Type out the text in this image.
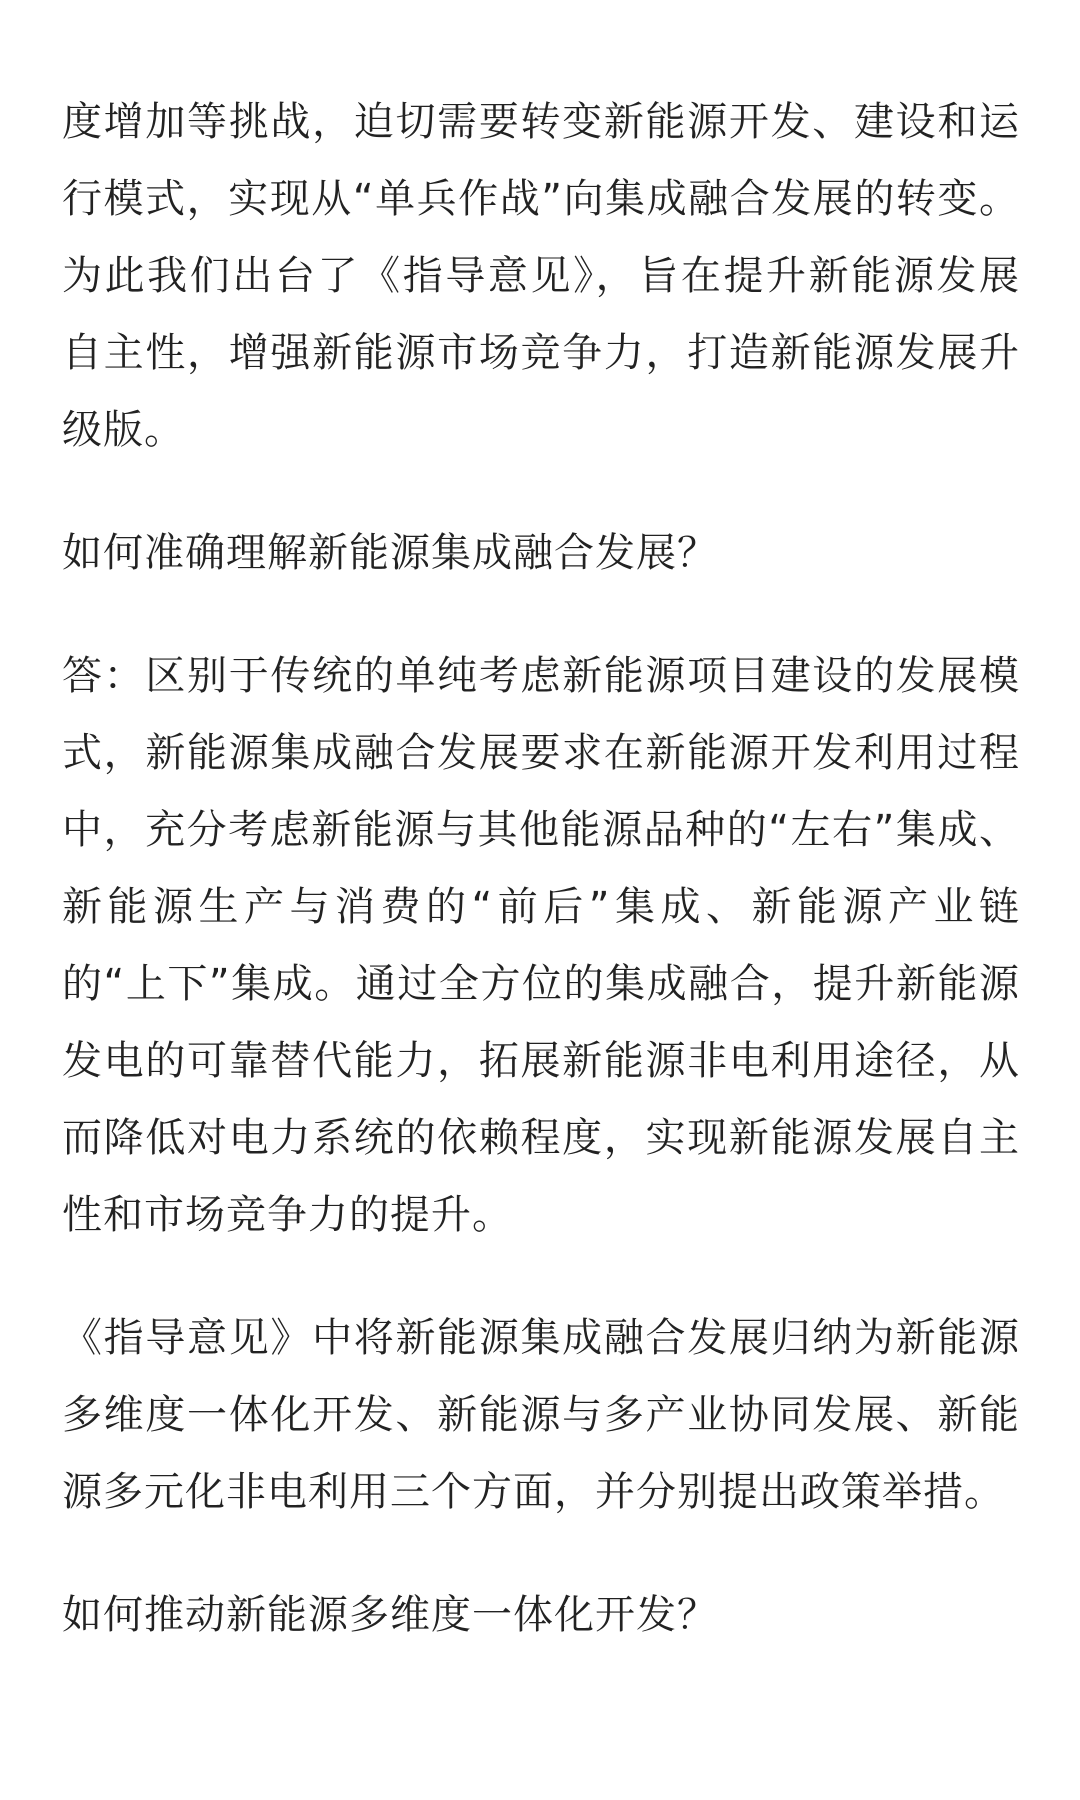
度增加等挑战，迫切需要转变新能源开发、建设和运行模式，实现从“单兵作战”向集成融合发展的转变。为此我们出台了《指导意见》，旨在提升新能源发展自主性，增强新能源市场竞争力，打造新能源发展升级版。

如何准确理解新能源集成融合发展？

答：区别于传统的单纯考虑新能源项目建设的发展模式，新能源集成融合发展要求在新能源开发利用过程中，充分考虑新能源与其他能源品种的“左右”集成、新能源生产与消费的“前后”集成、新能源产业链的“上下”集成。通过全方位的集成融合，提升新能源发电的可靠替代能力，拓展新能源非电利用途径，从而降低对电力系统的依赖程度，实现新能源发展自主性和市场竞争力的提升。

《指导意见》中将新能源集成融合发展归纳为新能源多维度一体化开发、新能源与多产业协同发展、新能源多元化非电利用三个方面，并分别提出政策举措。

如何推动新能源多维度一体化开发？
